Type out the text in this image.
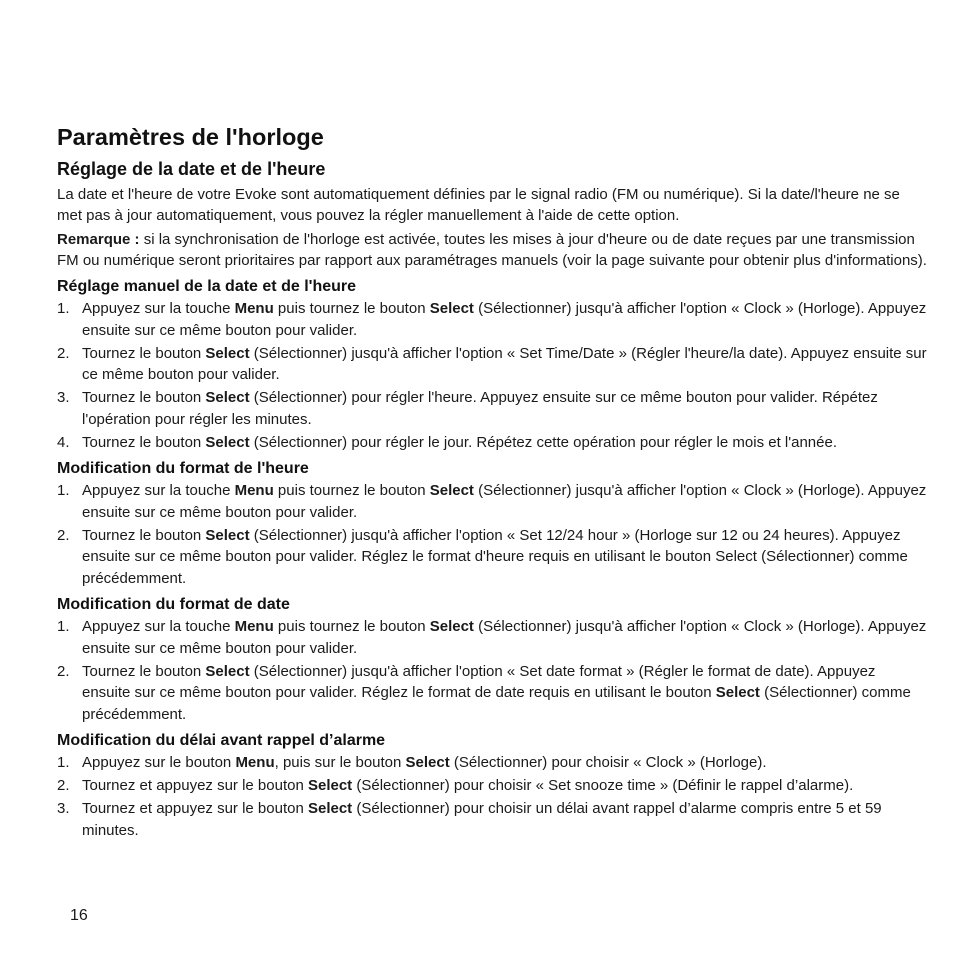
Paramètres de l'horloge
Réglage de la date et de l'heure

La date et l'heure de votre Evoke sont automatiquement définies par le signal radio (FM ou numérique). Si la date/l'heure ne se met pas à jour automatiquement, vous pouvez la régler manuellement à l'aide de cette option.

Remarque : si la synchronisation de l'horloge est activée, toutes les mises à jour d'heure ou de date reçues par une transmission FM ou numérique seront prioritaires par rapport aux paramétrages manuels (voir la page suivante pour obtenir plus d'informations).

Réglage manuel de la date et de l'heure
1. Appuyez sur la touche Menu puis tournez le bouton Select (Sélectionner) jusqu'à afficher l'option « Clock » (Horloge). Appuyez ensuite sur ce même bouton pour valider.
2. Tournez le bouton Select (Sélectionner) jusqu'à afficher l'option « Set Time/Date » (Régler l'heure/la date). Appuyez ensuite sur ce même bouton pour valider.
3. Tournez le bouton Select (Sélectionner) pour régler l'heure. Appuyez ensuite sur ce même bouton pour valider. Répétez l'opération pour régler les minutes.
4. Tournez le bouton Select (Sélectionner) pour régler le jour. Répétez cette opération pour régler le mois et l'année.
Modification du format de l'heure
1. Appuyez sur la touche Menu puis tournez le bouton Select (Sélectionner) jusqu'à afficher l'option « Clock » (Horloge). Appuyez ensuite sur ce même bouton pour valider.
2. Tournez le bouton Select (Sélectionner) jusqu'à afficher l'option « Set 12/24 hour » (Horloge sur 12 ou 24 heures). Appuyez ensuite sur ce même bouton pour valider. Réglez le format d'heure requis en utilisant le bouton Select (Sélectionner) comme précédemment.
Modification du format de date
1. Appuyez sur la touche Menu puis tournez le bouton Select (Sélectionner) jusqu'à afficher l'option « Clock » (Horloge). Appuyez ensuite sur ce même bouton pour valider.
2. Tournez le bouton Select (Sélectionner) jusqu'à afficher l'option « Set date format » (Régler le format de date). Appuyez ensuite sur ce même bouton pour valider. Réglez le format de date requis en utilisant le bouton Select (Sélectionner) comme précédemment.
Modification du délai avant rappel d’alarme
1. Appuyez sur le bouton Menu, puis sur le bouton Select (Sélectionner) pour choisir « Clock » (Horloge).
2. Tournez et appuyez sur le bouton Select (Sélectionner) pour choisir « Set snooze time » (Définir le rappel d’alarme).
3. Tournez et appuyez sur le bouton Select (Sélectionner) pour choisir un délai avant rappel d’alarme compris entre 5 et 59 minutes.
16
